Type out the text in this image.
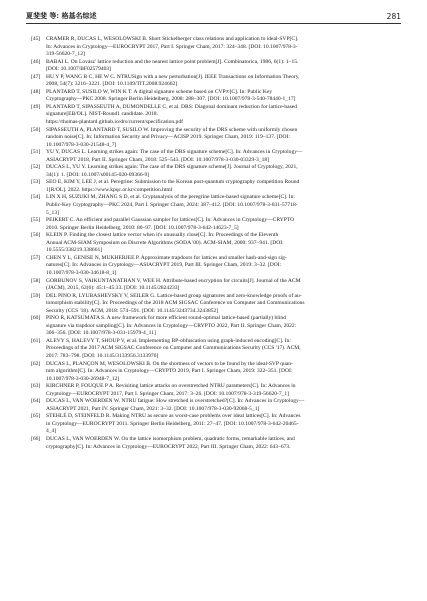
夏斐斐 等: 格基名综述	281
[45]	CRAMER R, DUCAS L, WESOLOWSKI B. Short Stickelberger class relations and application to ideal-SVP[C].
In: Advances in Cryptology—EUROCRYPT 2017, Part I. Springer Cham, 2017: 324–348. [DOI: 10.1007/978-3-
319-56620-7_12]
[46]	BABAI L. On Lovász' lattice reduction and the nearest lattice point problem[J]. Combinatorica, 1986, 6(1): 1–15.
[DOI: 10.1007/BF02579403]
[47]	HU Y P, WANG B C, HE W C. NTRUSign with a new perturbation[J]. IEEE Transactions on Information Theory,
2008, 54(7): 3216–3221. [DOI: 10.1109/TIT.2008.924662]
[48]	PLANTARD T, SUSILO W, WIN K T. A digital signature scheme based on CVP∞[C]. In: Public Key
Cryptography—PKC 2008. Springer Berlin Heidelberg, 2008: 288–307. [DOI: 10.1007/978-3-540-78440-1_17]
[49]	PLANTARD T, SIPASSEUTH A, DUMONDELLE C, et al. DRS: Diagonal dominant reduction for lattice-based
signature[EB/OL]. NIST-Round1 candidate. 2018.
https://thomas-plantard.github.io/drs/current/specification.pdf
[50]	SIPASSEUTH A, PLANTARD T, SUSILO W. Improving the security of the DRS scheme with uniformly chosen
random noise[C]. In: Information Security and Privacy—ACISP 2019. Springer Cham, 2019: 119–137. [DOI:
10.1007/978-3-030-21548-4_7]
[51]	YU Y, DUCAS L. Learning strikes again: The case of the DRS signature scheme[C]. In: Advances in Cryptology—
ASIACRYPT 2018, Part II. Springer Cham, 2018: 525–543. [DOI: 10.1007/978-3-030-03329-3_18]
[52]	DUCAS L, YU Y. Learning strikes again: The case of the DRS signature scheme[J]. Journal of Cryptology, 2021,
34(1): 1. [DOI: 10.1007/s00145-020-09366-9]
[53]	SEO E, KIM Y, LEE J, et al. Peregrine: Submission to the Korean post-quantum cryptography competition Round
1[R/OL]. 2022. https://www.kpqc.or.kr/competition.html
[54]	LIN X H, SUZUKI M, ZHANG S D, et al. Cryptanalysis of the peregrine lattice-based signature scheme[C]. In:
Public-Key Cryptography—PKC 2024, Part I. Springer Cham, 2024: 387–412. [DOI: 10.1007/978-3-031-57718-
5_13]
[55]	PEIKERT C. An efficient and parallel Gaussian sampler for lattices[C]. In: Advances in Cryptology—CRYPTO
2010. Springer Berlin Heidelberg, 2010: 80–97. [DOI: 10.1007/978-3-642-14623-7_5]
[56]	KLEIN P. Finding the closest lattice vector when it's unusually close[C]. In: Proceedings of the Eleventh
Annual ACM-SIAM Symposium on Discrete Algorithms (SODA '00). ACM-SIAM, 2000: 937–941. [DOI:
10.5555/338219.338661]
[57]	CHEN Y L, GENISE N, MUKHERJEE P. Approximate trapdoors for lattices and smaller hash-and-sign sig-
natures[C]. In: Advances in Cryptology—ASIACRYPT 2019, Part III. Springer Cham, 2019: 3–32. [DOI:
10.1007/978-3-030-34618-8_1]
[58]	GORBUNOV S, VAIKUNTANATHAN V, WEE H. Attribute-based encryption for circuits[J]. Journal of the ACM
(JACM), 2015, 62(6): 45:1–45:33. [DOI: 10.1145/2824233]
[59]	DEL PINO R, LYUBASHEVSKY V, SEILER G. Lattice-based group signatures and zero-knowledge proofs of au-
tomorphism stability[C]. In: Proceedings of the 2018 ACM SIGSAC Conference on Computer and Communications
Security (CCS '18). ACM, 2018: 574–591. [DOI: 10.1145/3243734.3243852]
[60]	PINO R, KATSUMATA S. A new framework for more efficient round-optimal lattice-based (partially) blind
signature via trapdoor sampling[C]. In: Advances in Cryptology—CRYPTO 2022, Part II. Springer Cham, 2022:
306–356. [DOI: 10.1007/978-3-031-15979-4_11]
[61]	ALEVY S, HALEVY T, SHOUP V, et al. Implementing BP-obfuscation using graph-induced encoding[C]. In:
Proceedings of the 2017 ACM SIGSAC Conference on Computer and Communications Security (CCS '17). ACM,
2017: 783–798. [DOI: 10.1145/3133956.3133976]
[62]	DUCAS L, PLANÇON M, WESOLOWSKI B. On the shortness of vectors to be found by the ideal-SVP quan-
tum algorithm[C]. In: Advances in Cryptology—CRYPTO 2019, Part I. Springer Cham, 2019: 322–351. [DOI:
10.1007/978-3-030-26948-7_12]
[63]	KIRCHNER P, FOUQUE P A. Revisiting lattice attacks on overstretched NTRU parameters[C]. In: Advances in
Cryptology—EUROCRYPT 2017, Part I. Springer Cham, 2017: 3–26. [DOI: 10.1007/978-3-319-56620-7_1]
[64]	DUCAS L, VAN WOERDEN W. NTRU fatigue: How stretched is overstretched?[C]. In: Advances in Cryptology—
ASIACRYPT 2021, Part IV. Springer Cham, 2021: 3–32. [DOI: 10.1007/978-3-030-92068-5_1]
[65]	STEHLÉ D, STEINFELD R. Making NTRU as secure as worst-case problems over ideal lattices[C]. In: Advances
in Cryptology—EUROCRYPT 2011. Springer Berlin Heidelberg, 2011: 27–47. [DOI: 10.1007/978-3-642-20465-
4_4]
[66]	DUCAS L, VAN WOERDEN W. On the lattice isomorphism problem, quadratic forms, remarkable lattices, and
cryptography[C]. In: Advances in Cryptology—EUROCRYPT 2022, Part III. Springer Cham, 2022: 643–673.
